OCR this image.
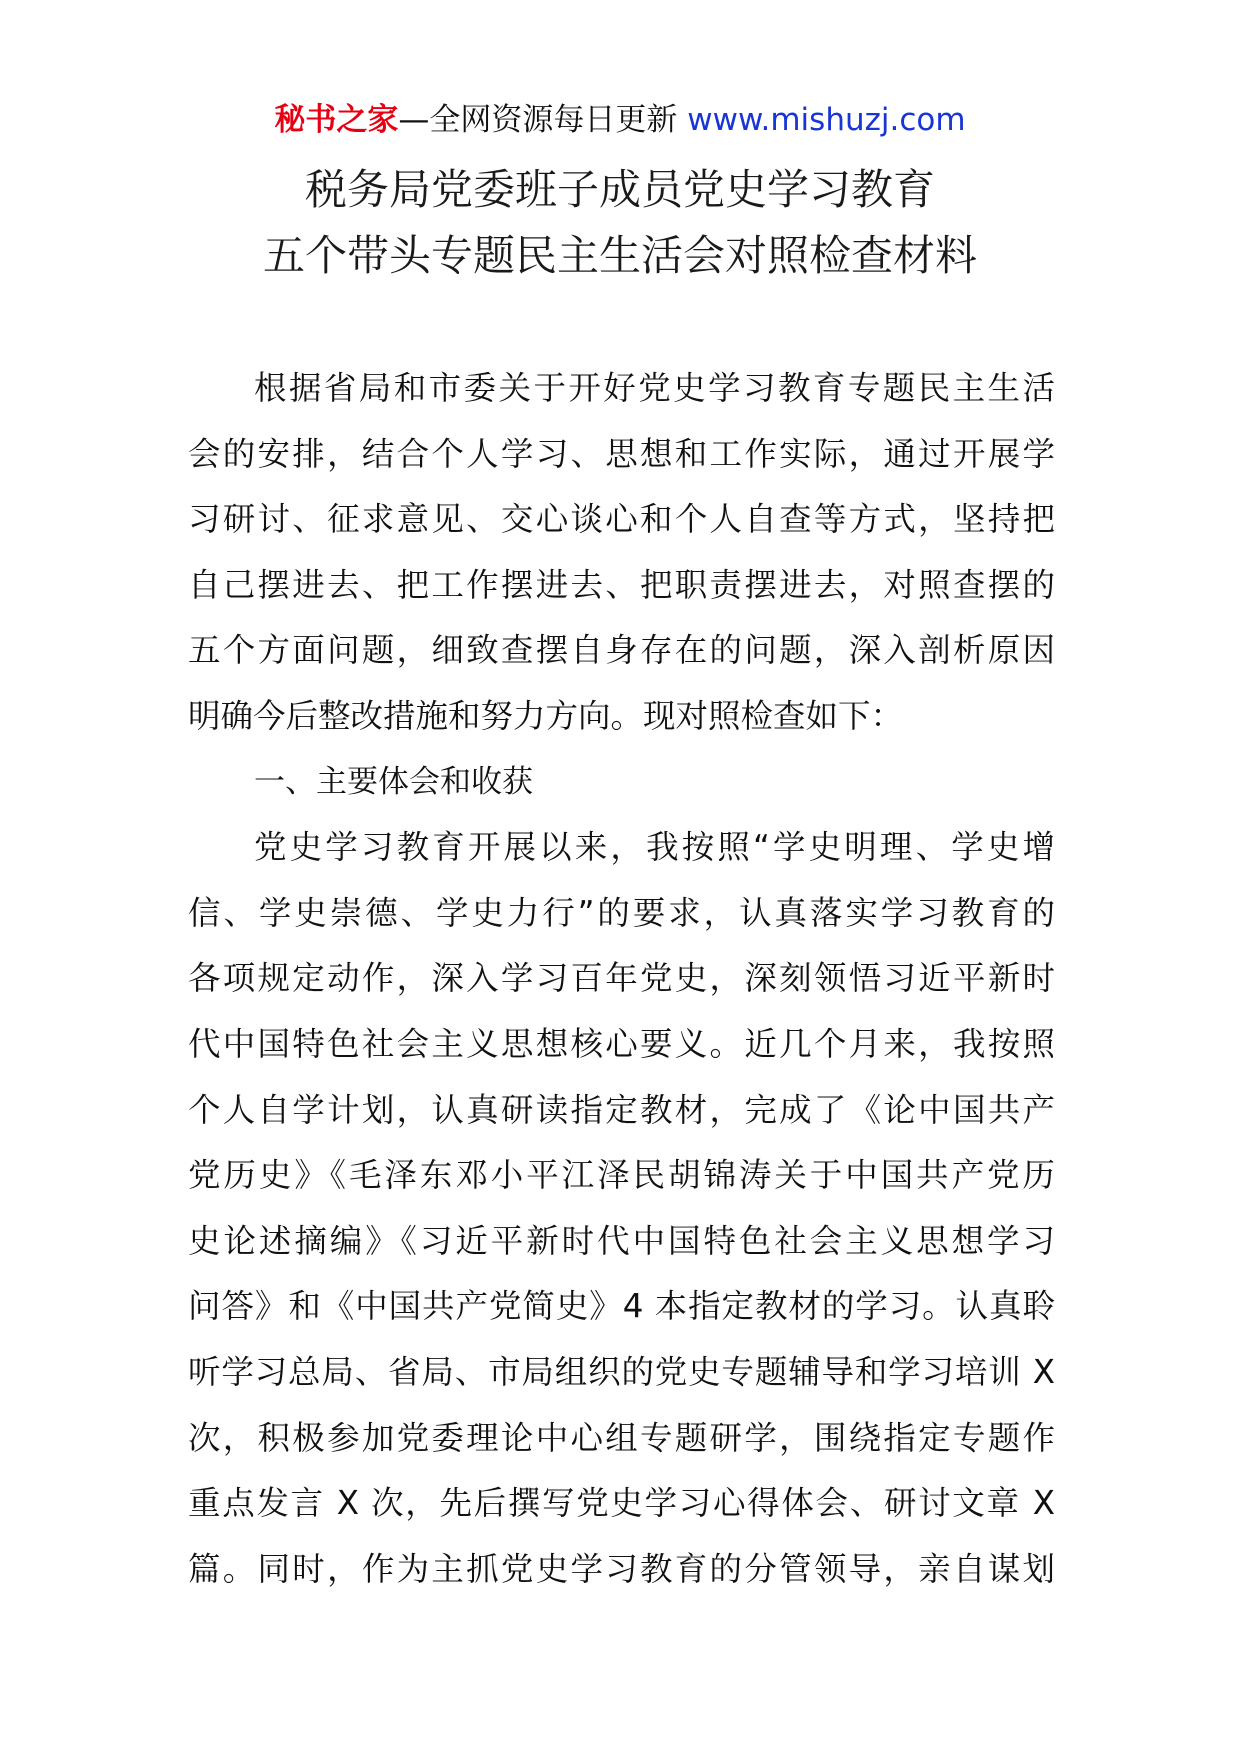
秘书之家—全网资源每日更新 www.mishuzj.com
税务局党委班子成员党史学习教育
五个带头专题民主生活会对照检查材料
根据省局和市委关于开好党史学习教育专题民主生活
会的安排，结合个人学习、思想和工作实际，通过开展学
习研讨、征求意见、交心谈心和个人自查等方式，坚持把
自己摆进去、把工作摆进去、把职责摆进去，对照查摆的
五个方面问题，细致查摆自身存在的问题，深入剖析原因
明确今后整改措施和努力方向。现对照检查如下：
一、主要体会和收获
党史学习教育开展以来，我按照“学史明理、学史增
信、学史崇德、学史力行”的要求，认真落实学习教育的
各项规定动作，深入学习百年党史，深刻领悟习近平新时
代中国特色社会主义思想核心要义。近几个月来，我按照
个人自学计划，认真研读指定教材，完成了《论中国共产
党历史》《毛泽东邓小平江泽民胡锦涛关于中国共产党历
史论述摘编》《习近平新时代中国特色社会主义思想学习
问答》和《中国共产党简史》4 本指定教材的学习。认真聆
听学习总局、省局、市局组织的党史专题辅导和学习培训 X
次，积极参加党委理论中心组专题研学，围绕指定专题作
重点发言 X 次，先后撰写党史学习心得体会、研讨文章 X
篇。同时，作为主抓党史学习教育的分管领导，亲自谋划
